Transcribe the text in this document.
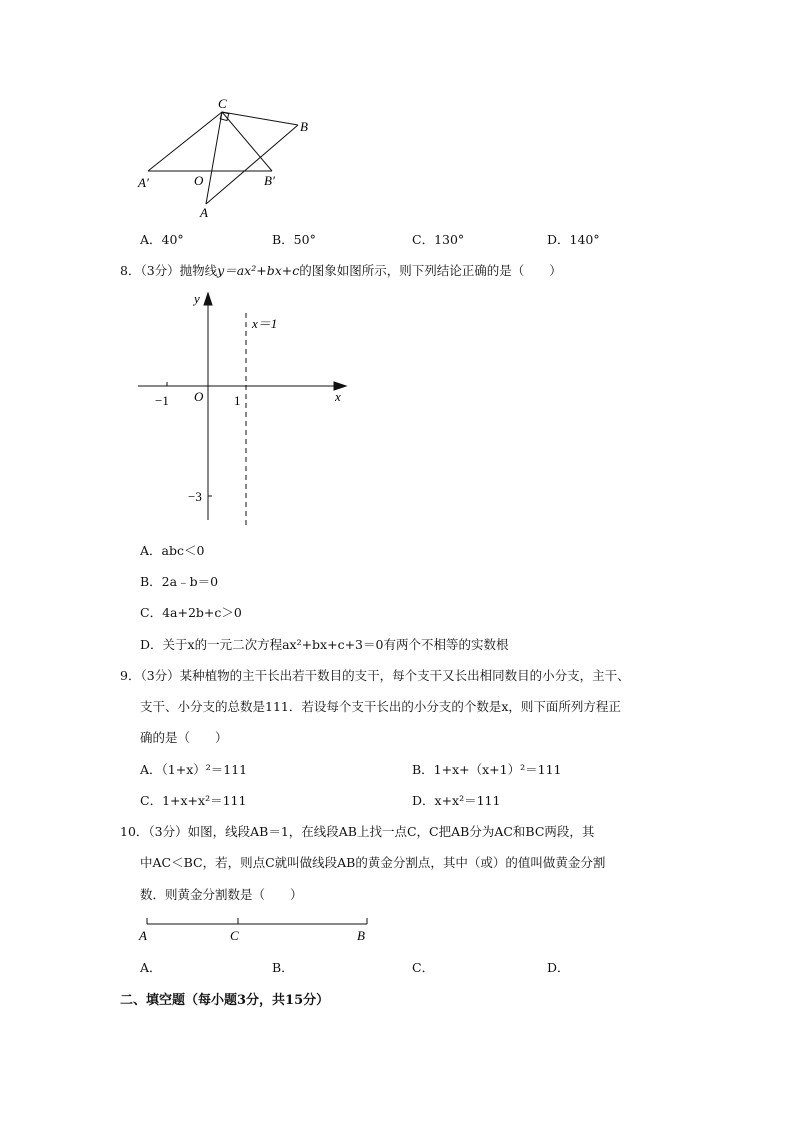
C
B
A′	O	B′
A
A．40°	B．50°	C．130°	D．140°
8．（3分）抛物线y＝ax²+bx+c的图象如图所示，则下列结论正确的是（　　）
y
x
O
−1	1
−3
x＝1
A．abc＜0
B．2a﹣b＝0
C．4a+2b+c＞0
D．关于x的一元二次方程ax²+bx+c+3＝0有两个不相等的实数根
9．（3分）某种植物的主干长出若干数目的支干，每个支干又长出相同数目的小分支，主干、
支干、小分支的总数是111．若设每个支干长出的小分支的个数是x，则下面所列方程正
确的是（　　）
A．（1+x）²＝111	B．1+x+（x+1）²＝111
C．1+x+x²＝111	D．x+x²＝111
10．（3分）如图，线段AB＝1，在线段AB上找一点C，C把AB分为AC和BC两段，其
中AC＜BC，若，则点C就叫做线段AB的黄金分割点，其中（或）的值叫做黄金分割
数．则黄金分割数是（　　）
A	C	B
A．	B．	C．	D．
二、填空题（每小题3分，共15分）
